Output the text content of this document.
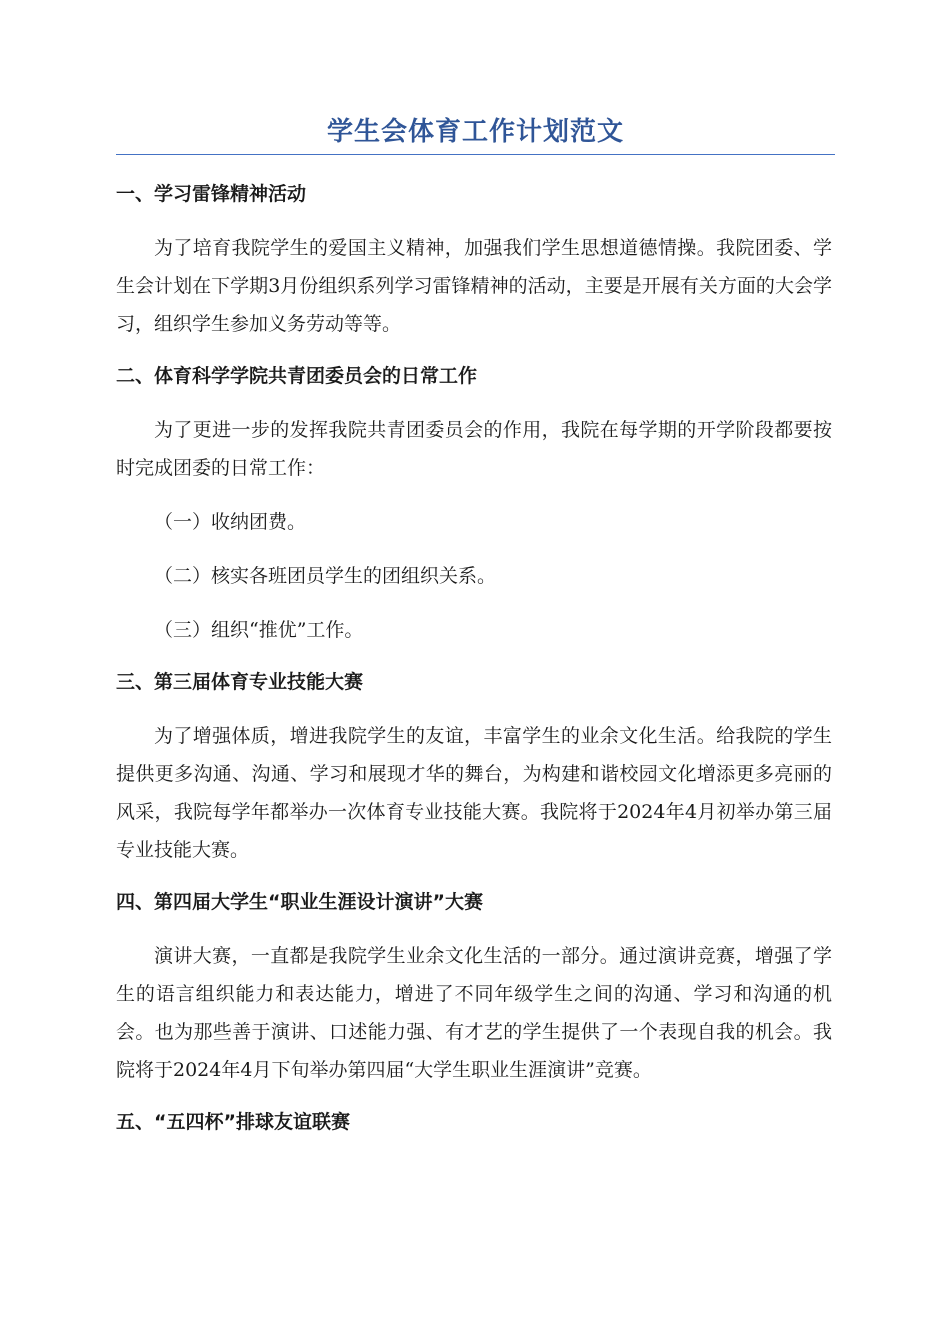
学生会体育工作计划范文

一、学习雷锋精神活动

为了培育我院学生的爱国主义精神，加强我们学生思想道德情操。我院团委、学生会计划在下学期3月份组织系列学习雷锋精神的活动，主要是开展有关方面的大会学习，组织学生参加义务劳动等等。

二、体育科学学院共青团委员会的日常工作

为了更进一步的发挥我院共青团委员会的作用，我院在每学期的开学阶段都要按时完成团委的日常工作：

（一）收纳团费。

（二）核实各班团员学生的团组织关系。

（三）组织“推优”工作。

三、第三届体育专业技能大赛

为了增强体质，增进我院学生的友谊，丰富学生的业余文化生活。给我院的学生提供更多沟通、沟通、学习和展现才华的舞台，为构建和谐校园文化增添更多亮丽的风采，我院每学年都举办一次体育专业技能大赛。我院将于2024年4月初举办第三届专业技能大赛。

四、第四届大学生“职业生涯设计演讲”大赛

演讲大赛，一直都是我院学生业余文化生活的一部分。通过演讲竞赛，增强了学生的语言组织能力和表达能力，增进了不同年级学生之间的沟通、学习和沟通的机会。也为那些善于演讲、口述能力强、有才艺的学生提供了一个表现自我的机会。我院将于2024年4月下旬举办第四届“大学生职业生涯演讲”竞赛。

五、“五四杯”排球友谊联赛
